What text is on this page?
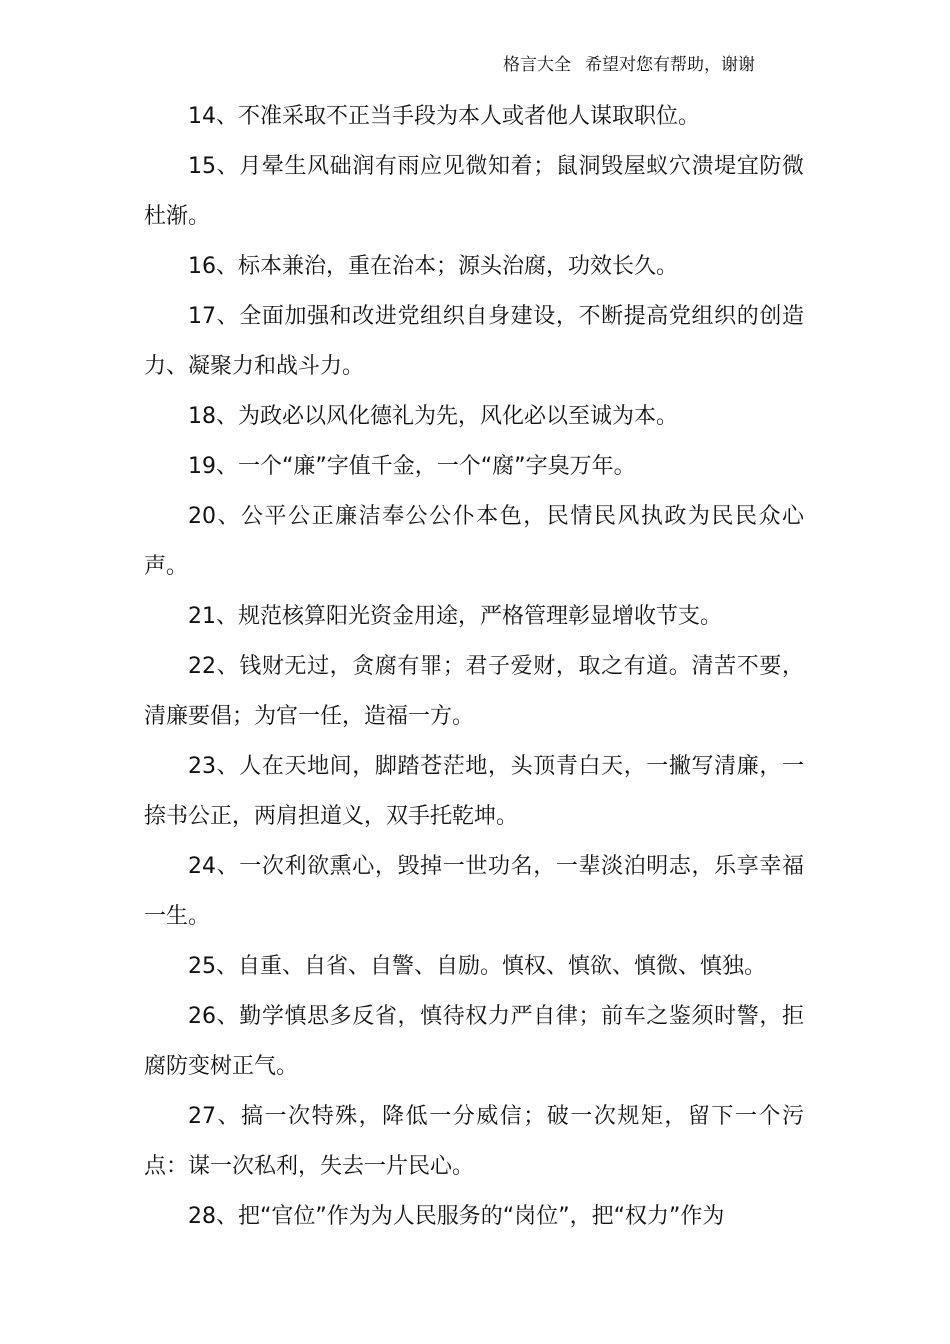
格言大全 希望对您有帮助，谢谢

14、不准采取不正当手段为本人或者他人谋取职位。

15、月晕生风础润有雨应见微知着；鼠洞毁屋蚁穴溃堤宜防微杜渐。

16、标本兼治，重在治本；源头治腐，功效长久。

17、全面加强和改进党组织自身建设，不断提高党组织的创造力、凝聚力和战斗力。

18、为政必以风化德礼为先，风化必以至诚为本。

19、一个“廉”字值千金，一个“腐”字臭万年。

20、公平公正廉洁奉公公仆本色，民情民风执政为民民众心声。

21、规范核算阳光资金用途，严格管理彰显增收节支。

22、钱财无过，贪腐有罪；君子爱财，取之有道。清苦不要，清廉要倡；为官一任，造福一方。

23、人在天地间，脚踏苍茫地，头顶青白天，一撇写清廉，一捺书公正，两肩担道义，双手托乾坤。

24、一次利欲熏心，毁掉一世功名，一辈淡泊明志，乐享幸福一生。

25、自重、自省、自警、自励。慎权、慎欲、慎微、慎独。

26、勤学慎思多反省，慎待权力严自律；前车之鉴须时警，拒腐防变树正气。

27、搞一次特殊，降低一分威信；破一次规矩，留下一个污点：谋一次私利，失去一片民心。

28、把“官位”作为为人民服务的“岗位”，把“权力”作为
